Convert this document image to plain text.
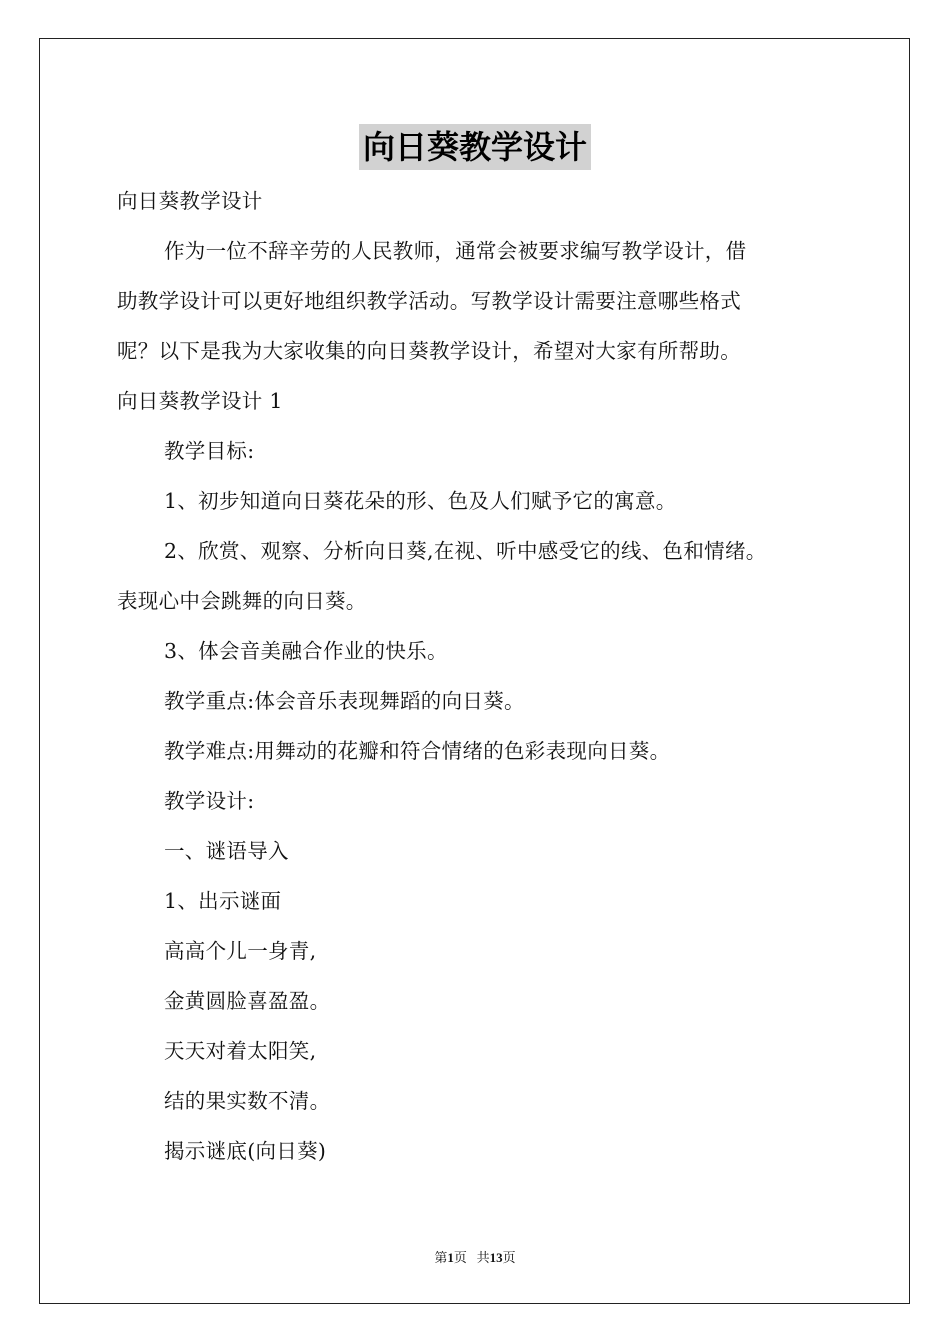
向日葵教学设计
向日葵教学设计
作为一位不辞辛劳的人民教师，通常会被要求编写教学设计，借
助教学设计可以更好地组织教学活动。写教学设计需要注意哪些格式
呢？以下是我为大家收集的向日葵教学设计，希望对大家有所帮助。
向日葵教学设计 1
教学目标:
1、初步知道向日葵花朵的形、色及人们赋予它的寓意。
2、欣赏、观察、分析向日葵,在视、听中感受它的线、色和情绪。
表现心中会跳舞的向日葵。
3、体会音美融合作业的快乐。
教学重点:体会音乐表现舞蹈的向日葵。
教学难点:用舞动的花瓣和符合情绪的色彩表现向日葵。
教学设计:
一、谜语导入
1、出示谜面
高高个儿一身青,
金黄圆脸喜盈盈。
天天对着太阳笑,
结的果实数不清。
揭示谜底(向日葵)
第1页 共13页
